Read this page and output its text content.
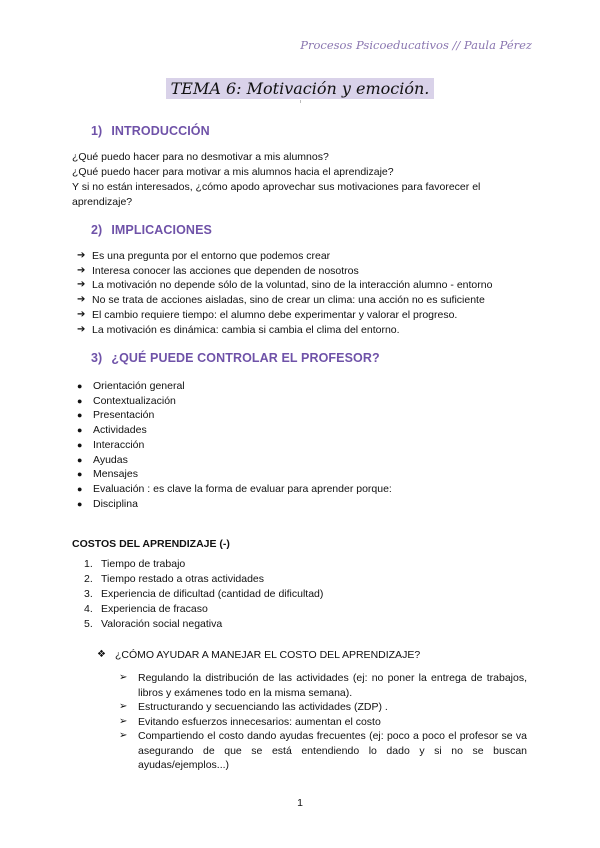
Procesos Psicoeducativos // Paula Pérez
TEMA 6: Motivación y emoción.
1) INTRODUCCIÓN

¿Qué puedo hacer para no desmotivar a mis alumnos?

¿Qué puedo hacer para motivar a mis alumnos hacia el aprendizaje?

Y si no están interesados, ¿cómo apodo aprovechar sus motivaciones para favorecer el aprendizaje?

2) IMPLICACIONES
➔ Es una pregunta por el entorno que podemos crear
➔ Interesa conocer las acciones que dependen de nosotros
➔ La motivación no depende sólo de la voluntad, sino de la interacción alumno - entorno
➔ No se trata de acciones aisladas, sino de crear un clima: una acción no es suficiente
➔ El cambio requiere tiempo: el alumno debe experimentar y valorar el progreso.
➔ La motivación es dinámica: cambia si cambia el clima del entorno.
3) ¿QUÉ PUEDE CONTROLAR EL PROFESOR?
●	Orientación general
●	Contextualización
●	Presentación
●	Actividades
●	Interacción
●	Ayudas
●	Mensajes
●	Evaluación : es clave la forma de evaluar para aprender porque:
●	Disciplina
COSTOS DEL APRENDIZAJE (-)
1. Tiempo de trabajo
2. Tiempo restado a otras actividades
3. Experiencia de dificultad (cantidad de dificultad)
4. Experiencia de fracaso
5. Valoración social negativa
❖ ¿CÓMO AYUDAR A MANEJAR EL COSTO DEL APRENDIZAJE?
➢	Regulando la distribución de las actividades (ej: no poner la entrega de trabajos, libros y exámenes todo en la misma semana).
➢	Estructurando y secuenciando las actividades (ZDP) .
➢	Evitando esfuerzos innecesarios: aumentan el costo
➢	Compartiendo el costo dando ayudas frecuentes (ej: poco a poco el profesor se va asegurando de que se está entendiendo lo dado y si no se buscan ayudas/ejemplos...)
1
